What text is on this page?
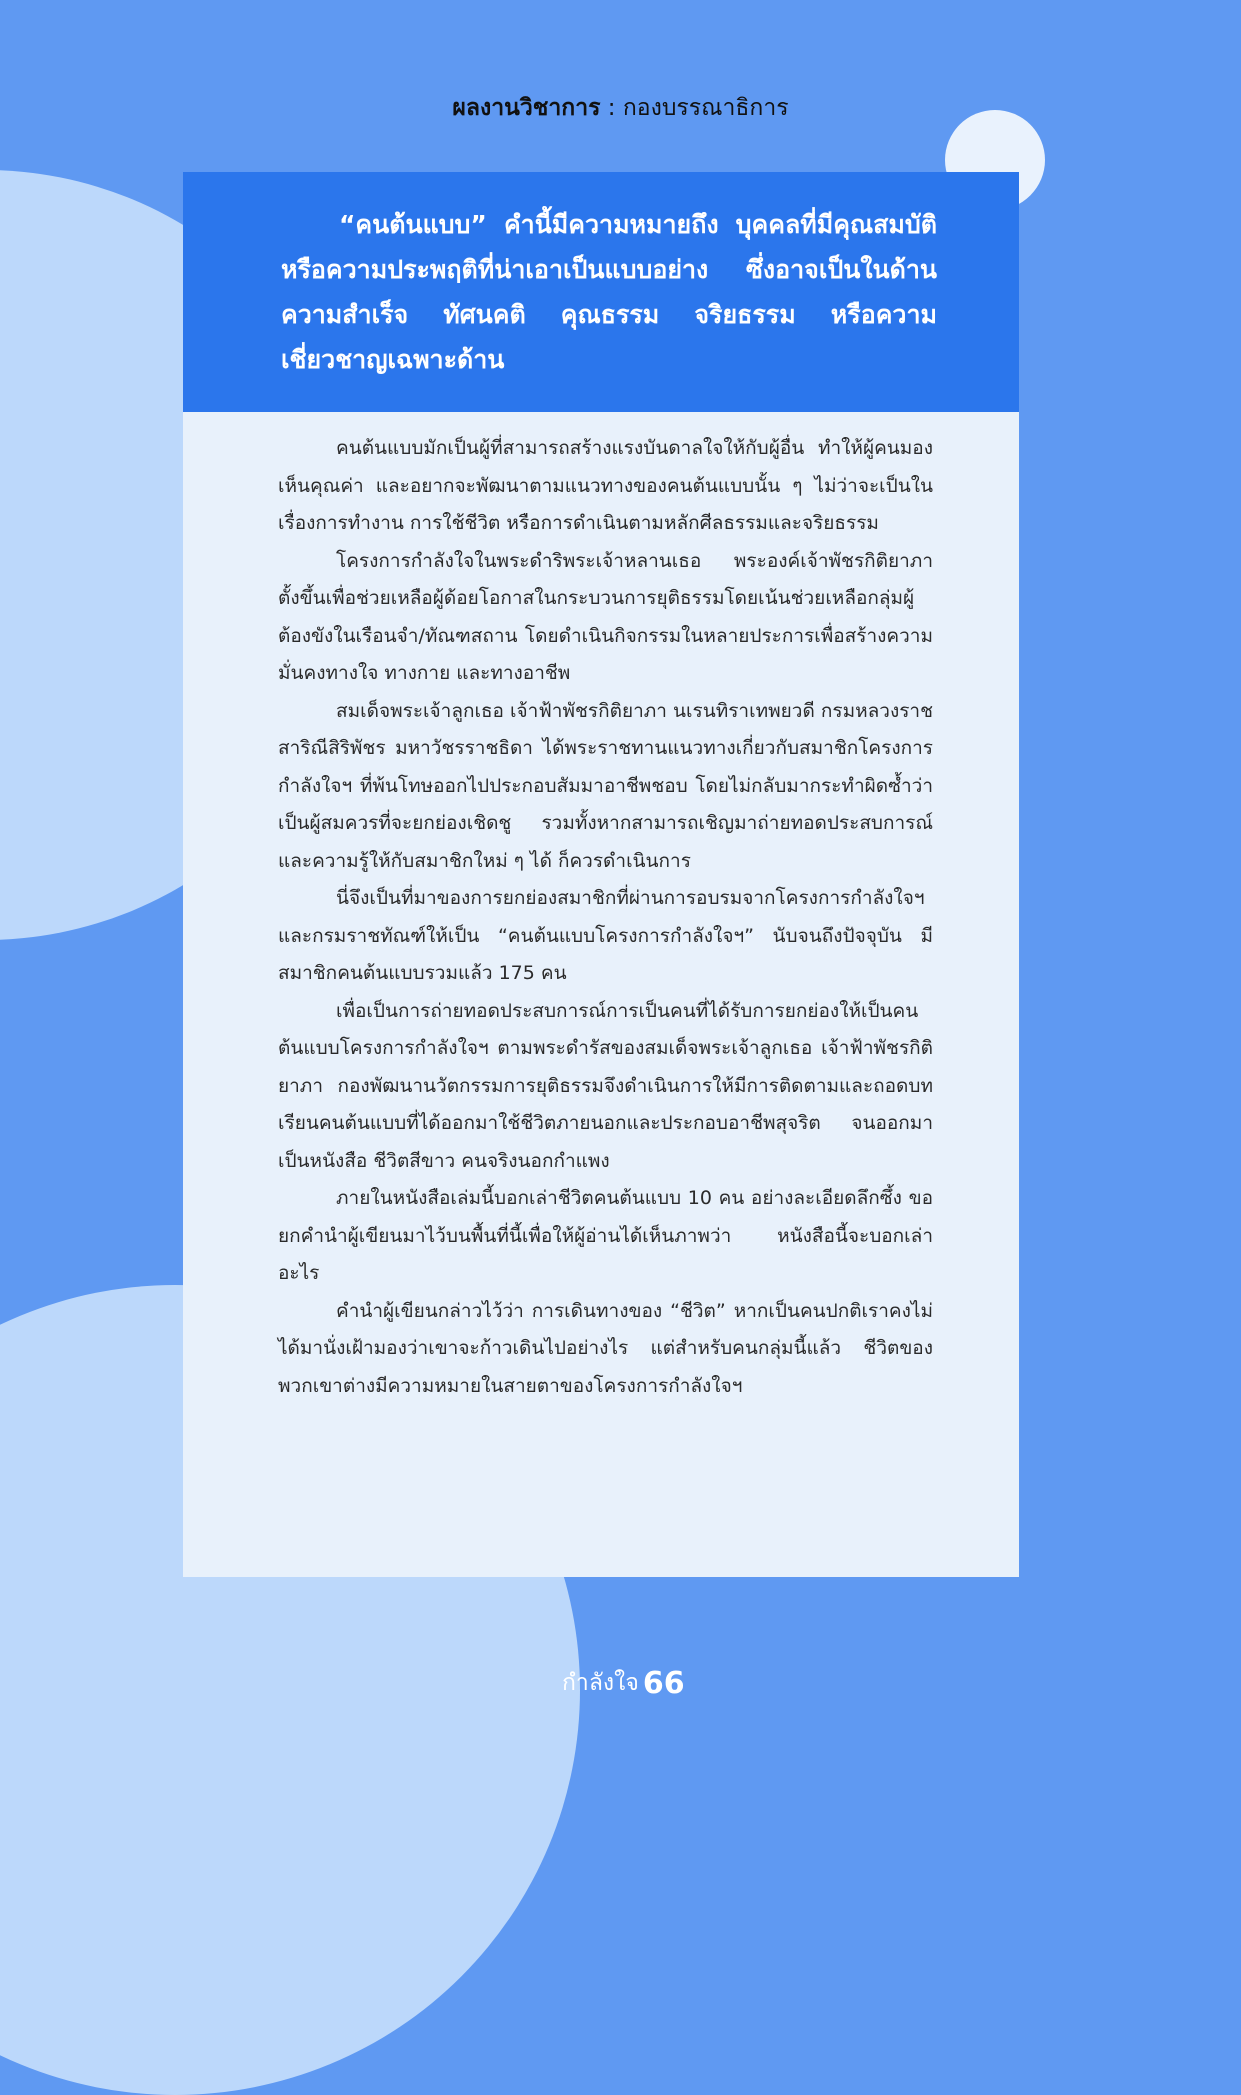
ผลงานวิชาการ : กองบรรณาธิการ

“คนต้นแบบ” คำนี้มีความหมายถึง บุคคลที่มีคุณสมบัติหรือความประพฤติที่น่าเอาเป็นแบบอย่าง ซึ่งอาจเป็นในด้านความสำเร็จ ทัศนคติ คุณธรรม จริยธรรม หรือความเชี่ยวชาญเฉพาะด้าน

คนต้นแบบมักเป็นผู้ที่สามารถสร้างแรงบันดาลใจให้กับผู้อื่น ทำให้ผู้คนมองเห็นคุณค่า และอยากจะพัฒนาตามแนวทางของคนต้นแบบนั้น ๆ ไม่ว่าจะเป็นในเรื่องการทำงาน การใช้ชีวิต หรือการดำเนินตามหลักศีลธรรมและจริยธรรม

โครงการกำลังใจในพระดำริพระเจ้าหลานเธอ พระองค์เจ้าพัชรกิติยาภา ตั้งขึ้นเพื่อช่วยเหลือผู้ด้อยโอกาสในกระบวนการยุติธรรมโดยเน้นช่วยเหลือกลุ่มผู้ต้องขังในเรือนจำ/ทัณฑสถาน โดยดำเนินกิจกรรมในหลายประการเพื่อสร้างความมั่นคงทางใจ ทางกาย และทางอาชีพ

สมเด็จพระเจ้าลูกเธอ เจ้าฟ้าพัชรกิติยาภา นเรนทิราเทพยวดี กรมหลวงราชสาริณีสิริพัชร มหาวัชรราชธิดา ได้พระราชทานแนวทางเกี่ยวกับสมาชิกโครงการกำลังใจฯ ที่พ้นโทษออกไปประกอบสัมมาอาชีพชอบ โดยไม่กลับมากระทำผิดซ้ำว่า เป็นผู้สมควรที่จะยกย่องเชิดชู รวมทั้งหากสามารถเชิญมาถ่ายทอดประสบการณ์และความรู้ให้กับสมาชิกใหม่ ๆ ได้ ก็ควรดำเนินการ

นี่จึงเป็นที่มาของการยกย่องสมาชิกที่ผ่านการอบรมจากโครงการกำลังใจฯ และกรมราชทัณฑ์ให้เป็น “คนต้นแบบโครงการกำลังใจฯ” นับจนถึงปัจจุบัน มีสมาชิกคนต้นแบบรวมแล้ว 175 คน

เพื่อเป็นการถ่ายทอดประสบการณ์การเป็นคนที่ได้รับการยกย่องให้เป็นคนต้นแบบโครงการกำลังใจฯ ตามพระดำรัสของสมเด็จพระเจ้าลูกเธอ เจ้าฟ้าพัชรกิติยาภา กองพัฒนานวัตกรรมการยุติธรรมจึงดำเนินการให้มีการติดตามและถอดบทเรียนคนต้นแบบที่ได้ออกมาใช้ชีวิตภายนอกและประกอบอาชีพสุจริต จนออกมาเป็นหนังสือ ชีวิตสีขาว คนจริงนอกกำแพง

ภายในหนังสือเล่มนี้บอกเล่าชีวิตคนต้นแบบ 10 คน อย่างละเอียดลึกซึ้ง ขอยกคำนำผู้เขียนมาไว้บนพื้นที่นี้เพื่อให้ผู้อ่านได้เห็นภาพว่า หนังสือนี้จะบอกเล่าอะไร

คำนำผู้เขียนกล่าวไว้ว่า การเดินทางของ “ชีวิต” หากเป็นคนปกติเราคงไม่ได้มานั่งเฝ้ามองว่าเขาจะก้าวเดินไปอย่างไร แต่สำหรับคนกลุ่มนี้แล้ว ชีวิตของพวกเขาต่างมีความหมายในสายตาของโครงการกำลังใจฯ

กำลังใจ 66
